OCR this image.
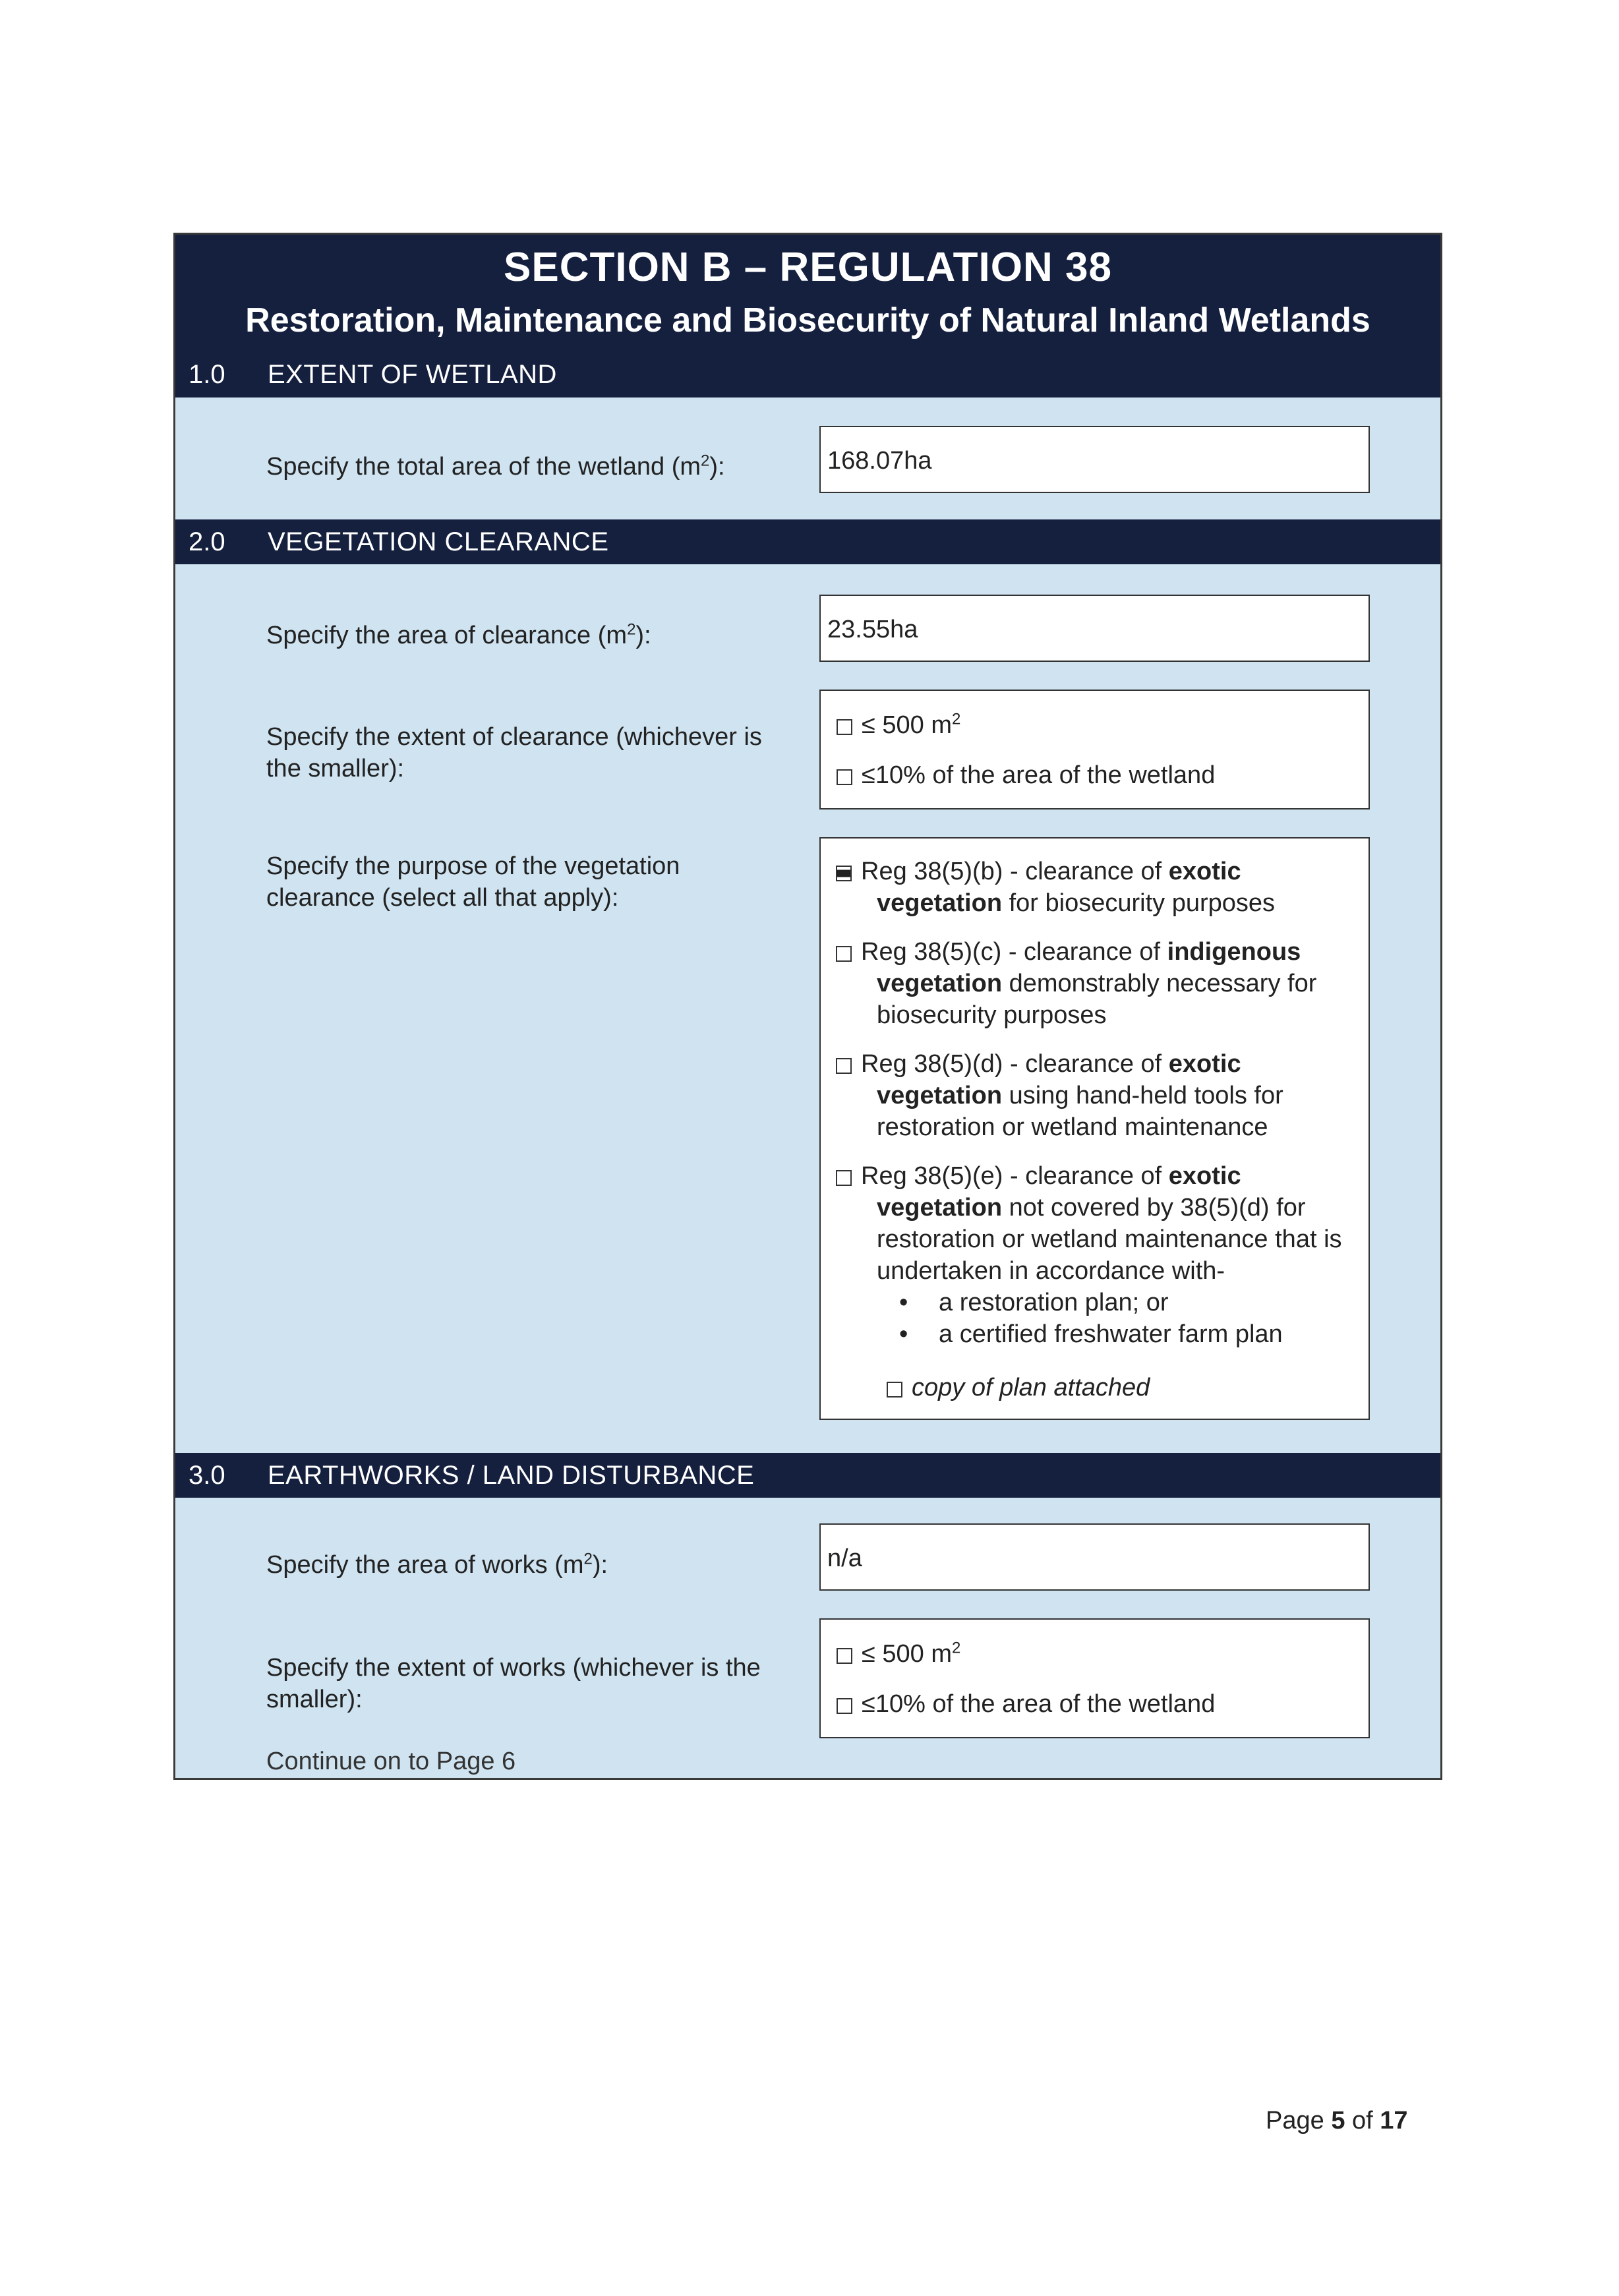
SECTION B – REGULATION 38
Restoration, Maintenance and Biosecurity of Natural Inland Wetlands
1.0 EXTENT OF WETLAND
Specify the total area of the wetland $(m^2)$:	168.07ha
2.0 VEGETATION CLEARANCE
Specify the area of clearance $(m^2)$:	23.55ha
Specify the extent of clearance (whichever is the smaller):
≤ 500 $m^2$
≤10% of the area of the wetland
Specify the purpose of the vegetation clearance (select all that apply):
Reg 38(5)(b) - clearance of exotic
vegetation for biosecurity purposes
Reg 38(5)(c) - clearance of indigenous
vegetation demonstrably necessary for biosecurity purposes
Reg 38(5)(d) - clearance of exotic
vegetation using hand-held tools for restoration or wetland maintenance
Reg 38(5)(e) - clearance of exotic
vegetation not covered by 38(5)(d) for restoration or wetland maintenance that is undertaken in accordance with-
• a restoration plan; or
• a certified freshwater farm plan
copy of plan attached
3.0 EARTHWORKS / LAND DISTURBANCE
Specify the area of works $(m^2)$:	n/a
Specify the extent of works (whichever is the smaller):
≤ 500 $m^2$
≤10% of the area of the wetland
Continue on to Page 6
Page 5 of 17
